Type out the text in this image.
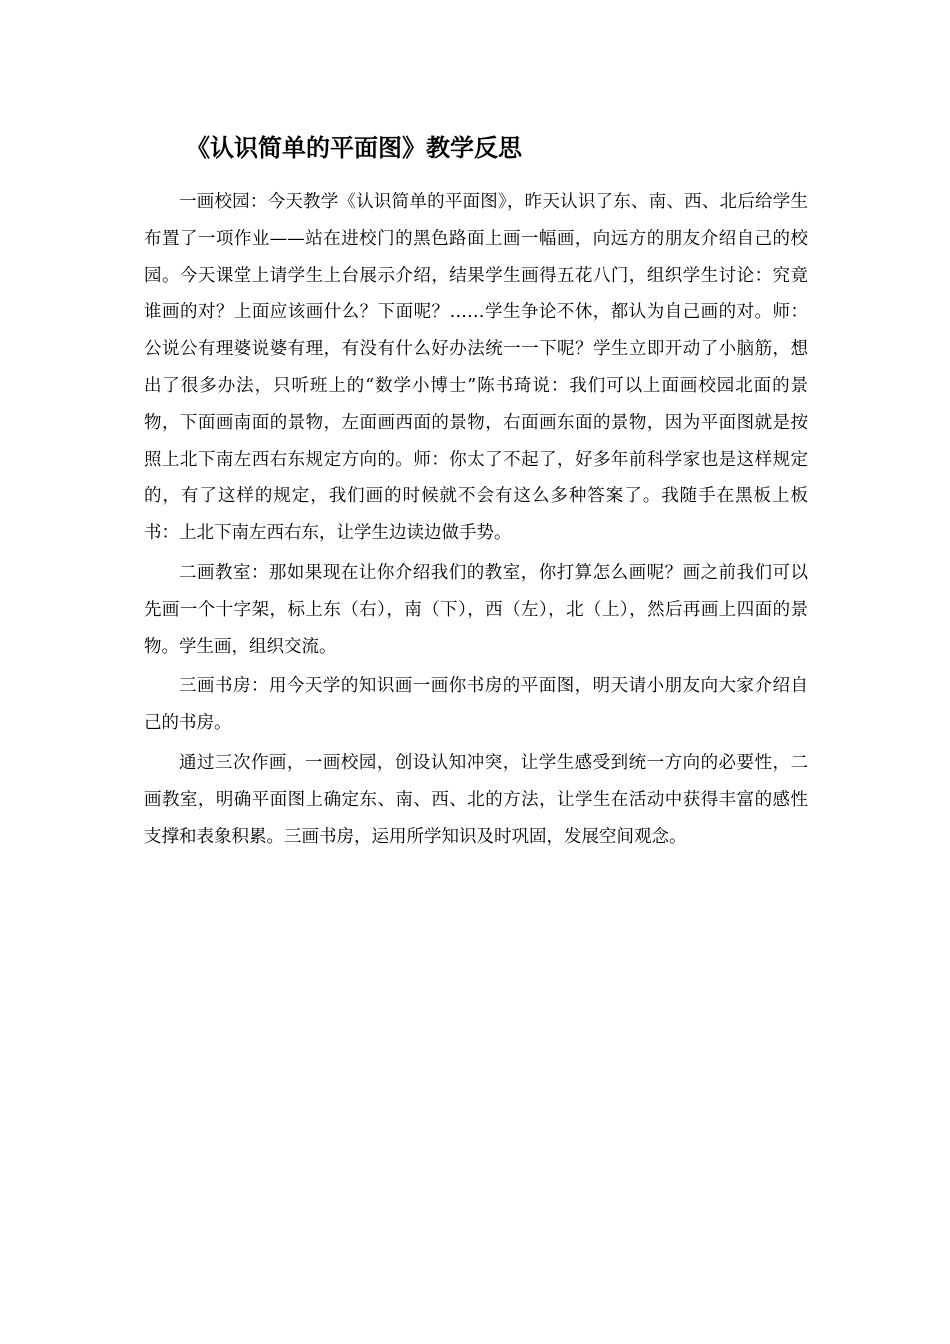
《认识简单的平面图》教学反思

一画校园：今天教学《认识简单的平面图》，昨天认识了东、南、西、北后给学生布置了一项作业——站在进校门的黑色路面上画一幅画，向远方的朋友介绍自己的校园。今天课堂上请学生上台展示介绍，结果学生画得五花八门，组织学生讨论：究竟谁画的对？上面应该画什么？下面呢？……学生争论不休，都认为自己画的对。师：公说公有理婆说婆有理，有没有什么好办法统一一下呢？学生立即开动了小脑筋，想出了很多办法，只听班上的“数学小博士”陈书琦说：我们可以上面画校园北面的景物，下面画南面的景物，左面画西面的景物，右面画东面的景物，因为平面图就是按照上北下南左西右东规定方向的。师：你太了不起了，好多年前科学家也是这样规定的，有了这样的规定，我们画的时候就不会有这么多种答案了。我随手在黑板上板书：上北下南左西右东，让学生边读边做手势。

二画教室：那如果现在让你介绍我们的教室，你打算怎么画呢？画之前我们可以先画一个十字架，标上东（右），南（下），西（左），北（上），然后再画上四面的景物。学生画，组织交流。

三画书房：用今天学的知识画一画你书房的平面图，明天请小朋友向大家介绍自己的书房。

通过三次作画，一画校园，创设认知冲突，让学生感受到统一方向的必要性，二画教室，明确平面图上确定东、南、西、北的方法，让学生在活动中获得丰富的感性支撑和表象积累。三画书房，运用所学知识及时巩固，发展空间观念。
